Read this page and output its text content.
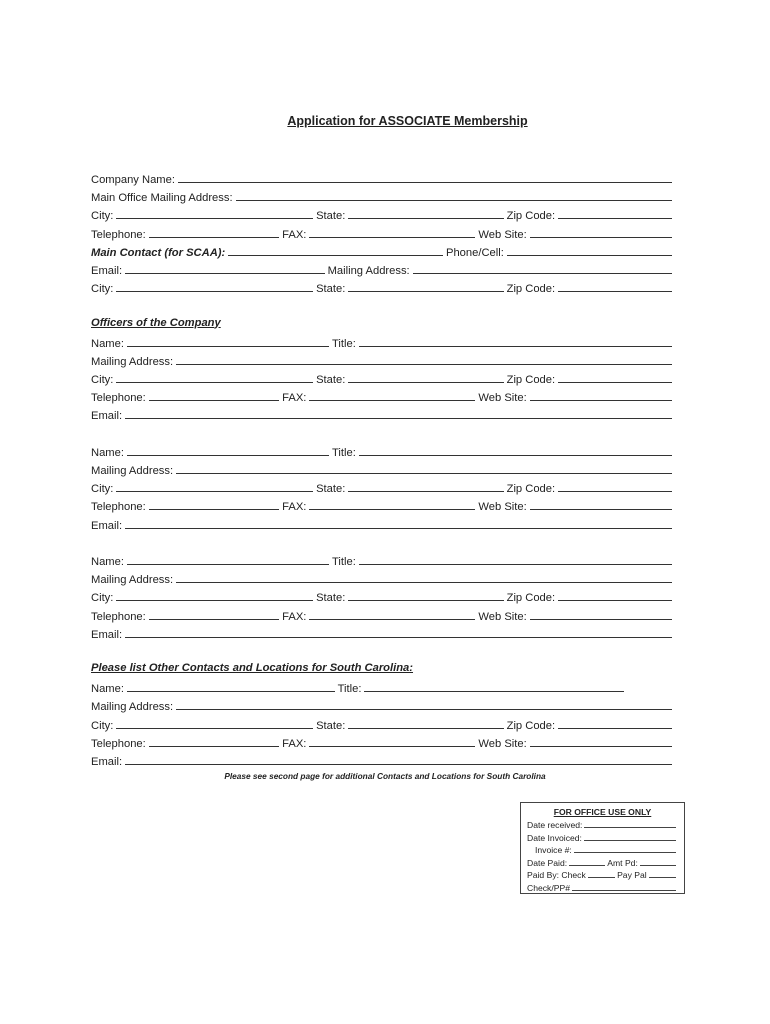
Application for ASSOCIATE Membership
Company Name:
Main Office Mailing Address:
City:	State:	Zip Code:
Telephone:	FAX:	Web Site:
Main Contact (for SCAA):	Phone/Cell:
Email:	Mailing Address:
City:	State:	Zip Code:
Officers of the Company
Name:	Title:
Mailing Address:
City:	State:	Zip Code:
Telephone:	FAX:	Web Site:
Email:
Name:	Title:
Mailing Address:
City:	State:	Zip Code:
Telephone:	FAX:	Web Site:
Email:
Name:	Title:
Mailing Address:
City:	State:	Zip Code:
Telephone:	FAX:	Web Site:
Email:
Please list Other Contacts and Locations for South Carolina:
Name:	Title:
Mailing Address:
City:	State:	Zip Code:
Telephone:	FAX:	Web Site:
Email:
Please see second page for additional Contacts and Locations for South Carolina
FOR OFFICE USE ONLY
Date received:
Date Invoiced:
Invoice #:
Date Paid:	Amt Pd:
Paid By: Check	Pay Pal
Check/PP#
